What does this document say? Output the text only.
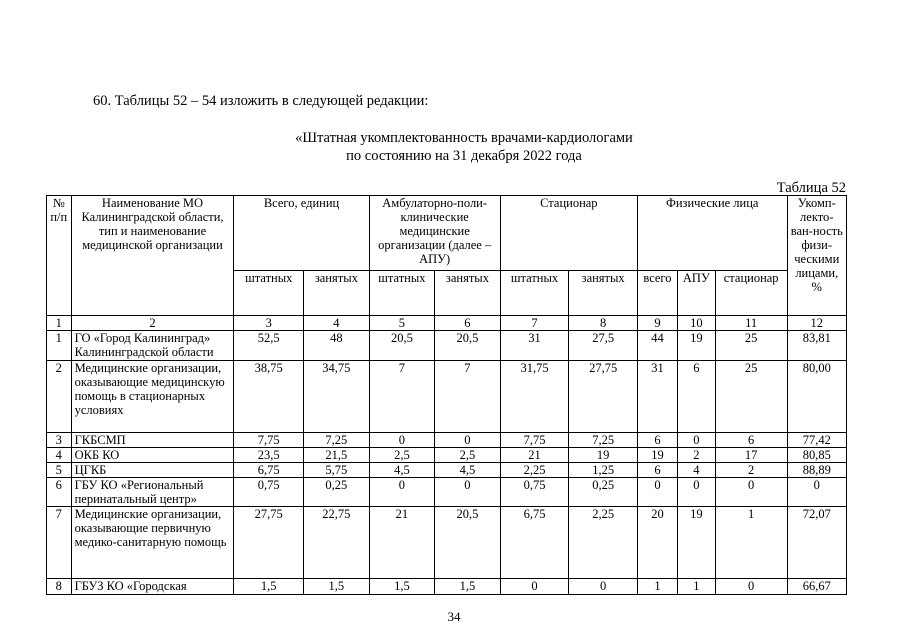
60. Таблицы 52 – 54 изложить в следующей редакции:
«Штатная укомплектованность врачами-кардиологами
по состоянию на 31 декабря 2022 года
Таблица 52
№ п/п	Наименование МО Калининградской области, тип и наименование медицинской организации	Всего, единиц		Амбулаторно-поли-клинические медицинские организации (далее – АПУ)		Стационар		Физические лица			Укомп-лекто-ван-ность физи-ческими лицами, %
		штатных	занятых	штатных	занятых	штатных	занятых	всего	АПУ	стационар	
1	2	3	4	5	6	7	8	9	10	11	12
1	ГО «Город Калининград» Калининградской области	52,5	48	20,5	20,5	31	27,5	44	19	25	83,81
2	Медицинские организации, оказывающие медицинскую помощь в стационарных условиях	38,75	34,75	7	7	31,75	27,75	31	6	25	80,00
3	ГКБСМП	7,75	7,25	0	0	7,75	7,25	6	0	6	77,42
4	ОКБ КО	23,5	21,5	2,5	2,5	21	19	19	2	17	80,85
5	ЦГКБ	6,75	5,75	4,5	4,5	2,25	1,25	6	4	2	88,89
6	ГБУ КО «Региональный перинатальный центр»	0,75	0,25	0	0	0,75	0,25	0	0	0	0
7	Медицинские организации, оказывающие первичную медико-санитарную помощь	27,75	22,75	21	20,5	6,75	2,25	20	19	1	72,07
8	ГБУЗ КО «Городская	1,5	1,5	1,5	1,5	0	0	1	1	0	66,67
34
